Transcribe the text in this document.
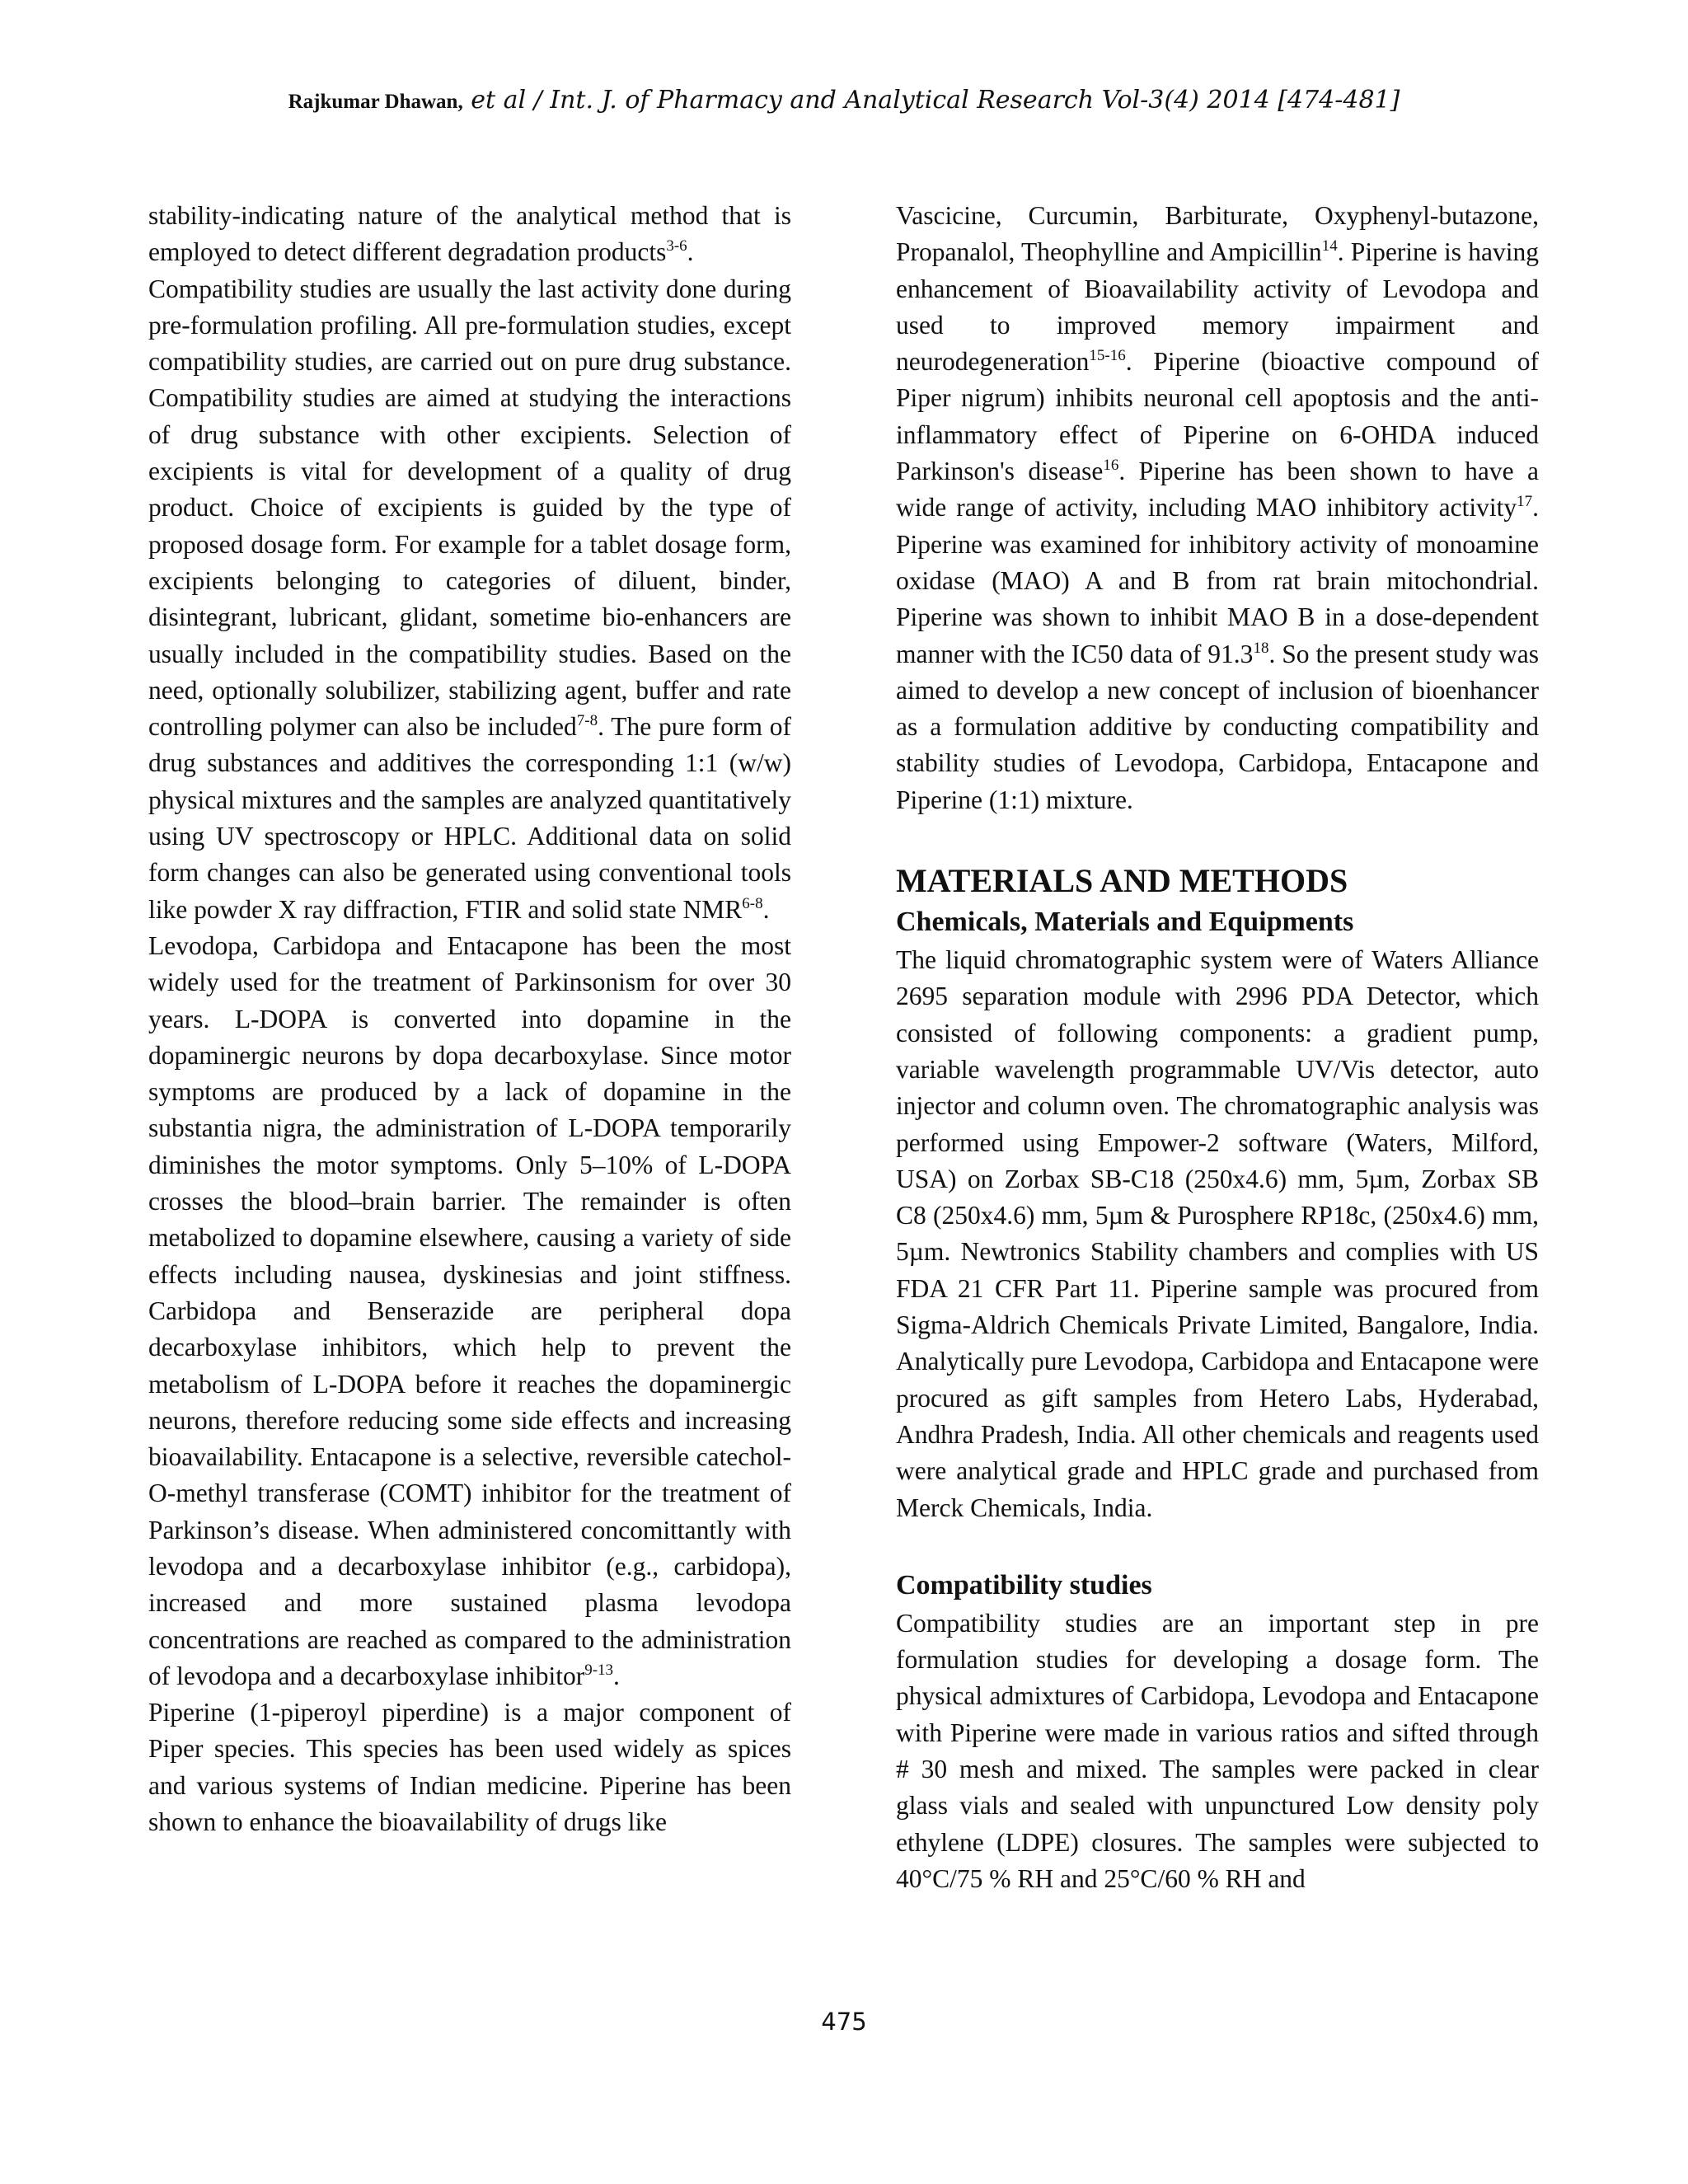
Rajkumar Dhawan, et al / Int. J. of Pharmacy and Analytical Research Vol-3(4) 2014 [474-481]

stability-indicating nature of the analytical method that is employed to detect different degradation products$^{3-6}$.

Compatibility studies are usually the last activity done during pre-formulation profiling. All pre-formulation studies, except compatibility studies, are carried out on pure drug substance. Compatibility studies are aimed at studying the interactions of drug substance with other excipients. Selection of excipients is vital for development of a quality of drug product. Choice of excipients is guided by the type of proposed dosage form. For example for a tablet dosage form, excipients belonging to categories of diluent, binder, disintegrant, lubricant, glidant, sometime bio-enhancers are usually included in the compatibility studies. Based on the need, optionally solubilizer, stabilizing agent, buffer and rate controlling polymer can also be included$^{7-8}$. The pure form of drug substances and additives the corresponding 1:1 (w/w) physical mixtures and the samples are analyzed quantitatively using UV spectroscopy or HPLC. Additional data on solid form changes can also be generated using conventional tools like powder X ray diffraction, FTIR and solid state NMR$^{6-8}$.

Levodopa, Carbidopa and Entacapone has been the most widely used for the treatment of Parkinsonism for over 30 years. L-DOPA is converted into dopamine in the dopaminergic neurons by dopa decarboxylase. Since motor symptoms are produced by a lack of dopamine in the substantia nigra, the administration of L-DOPA temporarily diminishes the motor symptoms. Only 5–10% of L-DOPA crosses the blood–brain barrier. The remainder is often metabolized to dopamine elsewhere, causing a variety of side effects including nausea, dyskinesias and joint stiffness. Carbidopa and Benserazide are peripheral dopa decarboxylase inhibitors, which help to prevent the metabolism of L-DOPA before it reaches the dopaminergic neurons, therefore reducing some side effects and increasing bioavailability. Entacapone is a selective, reversible catechol-O-methyl transferase (COMT) inhibitor for the treatment of Parkinson’s disease. When administered concomittantly with levodopa and a decarboxylase inhibitor (e.g., carbidopa), increased and more sustained plasma levodopa concentrations are reached as compared to the administration of levodopa and a decarboxylase inhibitor$^{9-13}$.

Piperine (1-piperoyl piperdine) is a major component of Piper species. This species has been used widely as spices and various systems of Indian medicine. Piperine has been shown to enhance the bioavailability of drugs like

Vascicine, Curcumin, Barbiturate, Oxyphenyl-butazone, Propanalol, Theophylline and Ampicillin$^{14}$. Piperine is having enhancement of Bioavailability activity of Levodopa and used to improved memory impairment and neurodegeneration$^{15-16}$. Piperine (bioactive compound of Piper nigrum) inhibits neuronal cell apoptosis and the anti-inflammatory effect of Piperine on 6-OHDA induced Parkinson's disease$^{16}$. Piperine has been shown to have a wide range of activity, including MAO inhibitory activity$^{17}$. Piperine was examined for inhibitory activity of monoamine oxidase (MAO) A and B from rat brain mitochondrial. Piperine was shown to inhibit MAO B in a dose-dependent manner with the IC50 data of 91.3$^{18}$. So the present study was aimed to develop a new concept of inclusion of bioenhancer as a formulation additive by conducting compatibility and stability studies of Levodopa, Carbidopa, Entacapone and Piperine (1:1) mixture.

MATERIALS AND METHODS
Chemicals, Materials and Equipments

The liquid chromatographic system were of Waters Alliance 2695 separation module with 2996 PDA Detector, which consisted of following components: a gradient pump, variable wavelength programmable UV/Vis detector, auto injector and column oven. The chromatographic analysis was performed using Empower-2 software (Waters, Milford, USA) on Zorbax SB-C18 (250x4.6) mm, 5µm, Zorbax SB C8 (250x4.6) mm, 5µm & Purosphere RP18c, (250x4.6) mm, 5µm. Newtronics Stability chambers and complies with US FDA 21 CFR Part 11. Piperine sample was procured from Sigma-Aldrich Chemicals Private Limited, Bangalore, India. Analytically pure Levodopa, Carbidopa and Entacapone were procured as gift samples from Hetero Labs, Hyderabad, Andhra Pradesh, India. All other chemicals and reagents used were analytical grade and HPLC grade and purchased from Merck Chemicals, India.

Compatibility studies

Compatibility studies are an important step in pre formulation studies for developing a dosage form. The physical admixtures of Carbidopa, Levodopa and Entacapone with Piperine were made in various ratios and sifted through # 30 mesh and mixed. The samples were packed in clear glass vials and sealed with unpunctured Low density poly ethylene (LDPE) closures. The samples were subjected to 40°C/75 % RH and 25°C/60 % RH and

475
